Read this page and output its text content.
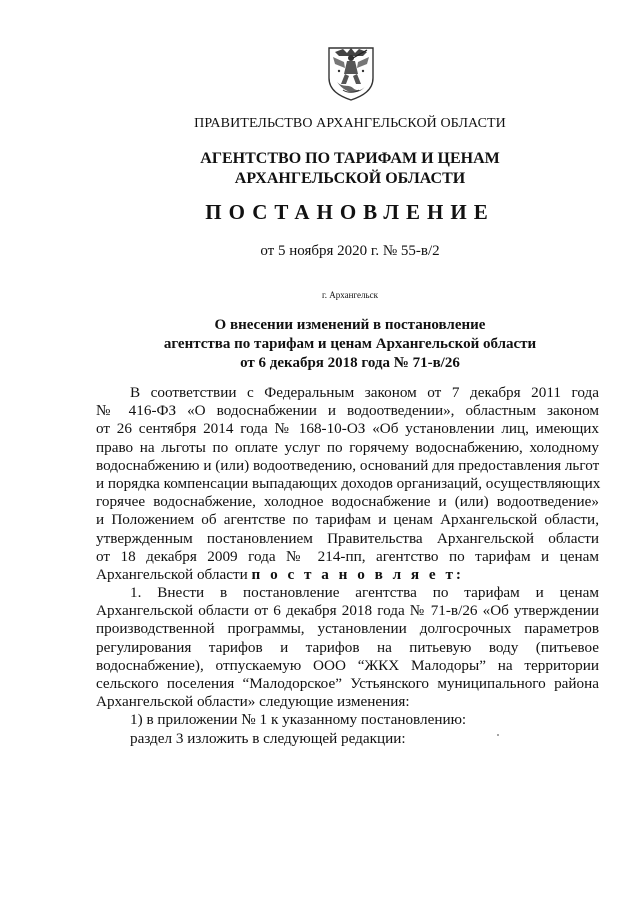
ПРАВИТЕЛЬСТВО АРХАНГЕЛЬСКОЙ ОБЛАСТИ
АГЕНТСТВО ПО ТАРИФАМ И ЦЕНАМ
АРХАНГЕЛЬСКОЙ ОБЛАСТИ
ПОСТАНОВЛЕНИЕ
от 5 ноября 2020 г. № 55-в/2
г. Архангельск
О внесении изменений в постановление
агентства по тарифам и ценам Архангельской области
от 6 декабря 2018 года № 71-в/26
В соответствии с Федеральным законом от 7 декабря 2011 года
№ 416-ФЗ «О водоснабжении и водоотведении», областным законом
от 26 сентября 2014 года № 168-10-ОЗ «Об установлении лиц, имеющих
право на льготы по оплате услуг по горячему водоснабжению, холодному
водоснабжению и (или) водоотведению, оснований для предоставления льгот
и порядка компенсации выпадающих доходов организаций, осуществляющих
горячее водоснабжение, холодное водоснабжение и (или) водоотведение»
и Положением об агентстве по тарифам и ценам Архангельской области,
утвержденным постановлением Правительства Архангельской области
от 18 декабря 2009 года № 214-пп, агентство по тарифам и ценам
Архангельской области п о с т а н о в л я е т:
1. Внести в постановление агентства по тарифам и ценам
Архангельской области от 6 декабря 2018 года № 71-в/26 «Об утверждении
производственной программы, установлении долгосрочных параметров
регулирования тарифов и тарифов на питьевую воду (питьевое
водоснабжение), отпускаемую ООО “ЖКХ Малодоры” на территории
сельского поселения “Малодорское” Устьянского муниципального района
Архангельской области» следующие изменения:
1) в приложении № 1 к указанному постановлению:
раздел 3 изложить в следующей редакции:
